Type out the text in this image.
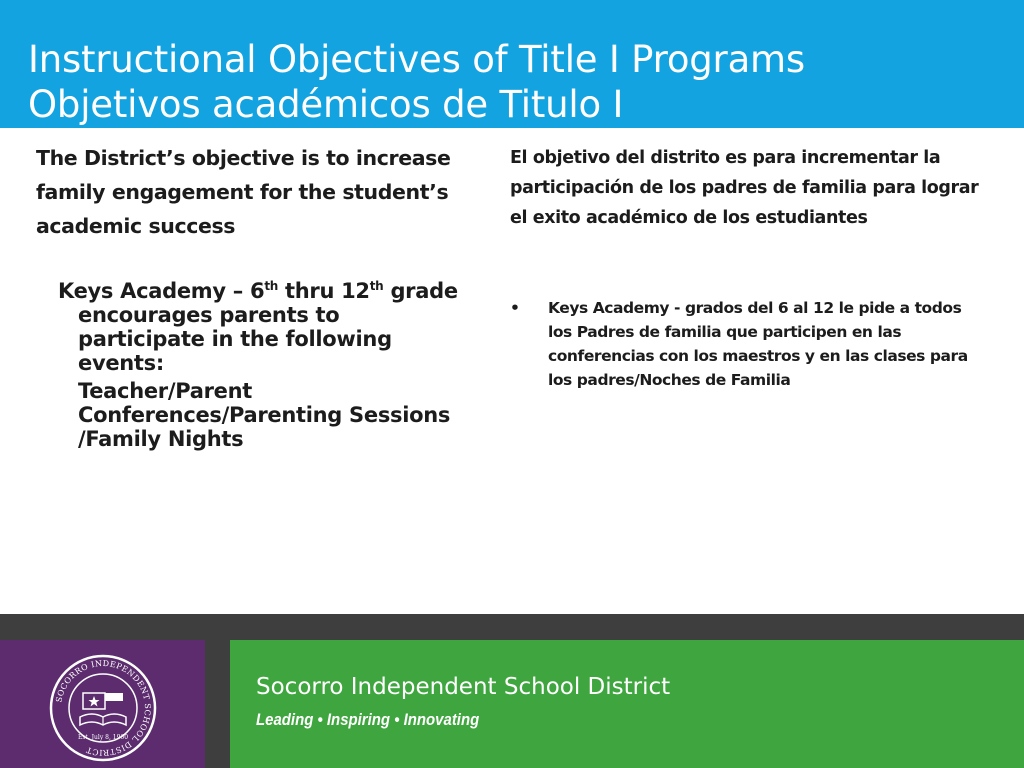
Instructional Objectives of Title I Programs
Objetivos académicos de Titulo I

The District’s objective is to increase family engagement for the student’s academic success

Keys Academy – 6th thru 12th grade encourages parents to participate in the following events:

Teacher/Parent Conferences/Parenting Sessions /Family Nights

El objetivo del distrito es para incrementar la participación de los padres de familia para lograr el exito académico de los estudiantes

• Keys Academy - grados del 6 al 12 le pide a todos los Padres de familia que participen en las conferencias con los maestros y en las clases para los padres/Noches de Familia
SOCORRO INDEPENDENT SCHOOL DISTRICT
Est. July 8, 1960
Socorro Independent School District
Leading • Inspiring • Innovating
